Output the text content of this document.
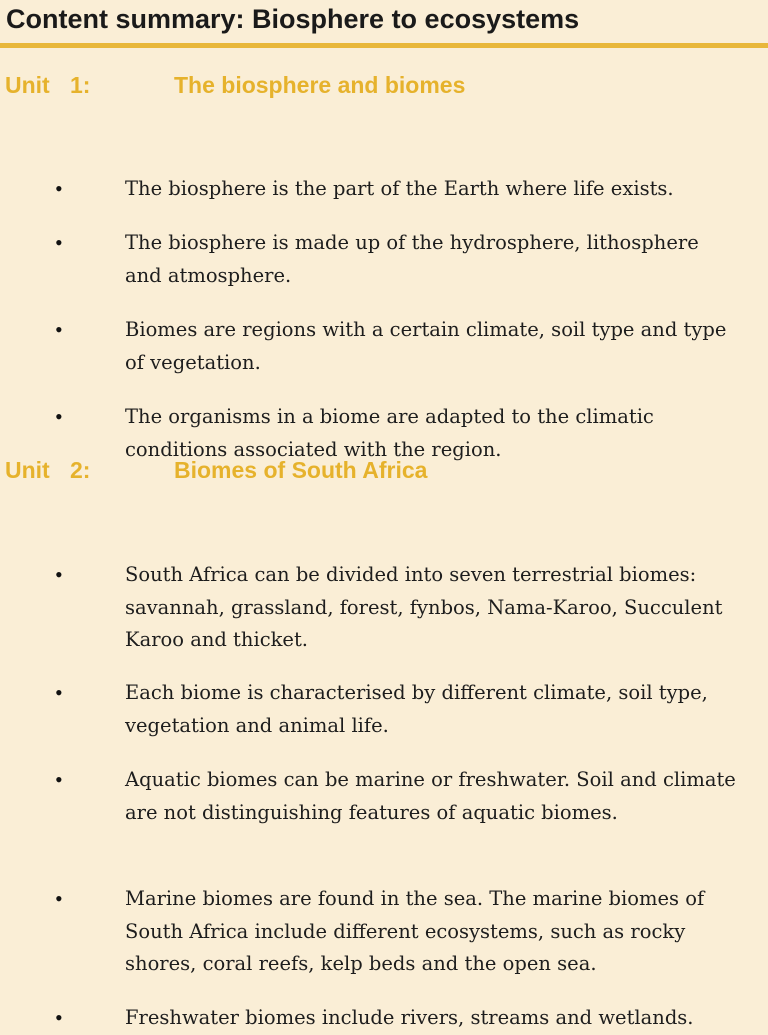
Content summary: Biosphere to ecosystems
Unit 1:	The biosphere and biomes
•	The biosphere is the part of the Earth where life exists.
•	The biosphere is made up of the hydrosphere, lithosphere and atmosphere.
•	Biomes are regions with a certain climate, soil type and type of vegetation.
•	The organisms in a biome are adapted to the climatic conditions associated with the region.
Unit 2:	Biomes of South Africa
•	South Africa can be divided into seven terrestrial biomes: savannah, grassland, forest, fynbos, Nama-Karoo, Succulent Karoo and thicket.
•	Each biome is characterised by different climate, soil type, vegetation and animal life.
•	Aquatic biomes can be marine or freshwater. Soil and climate are not distinguishing features of aquatic biomes.
•	Marine biomes are found in the sea. The marine biomes of South Africa include different ecosystems, such as rocky shores, coral reefs, kelp beds and the open sea.
•	Freshwater biomes include rivers, streams and wetlands.
